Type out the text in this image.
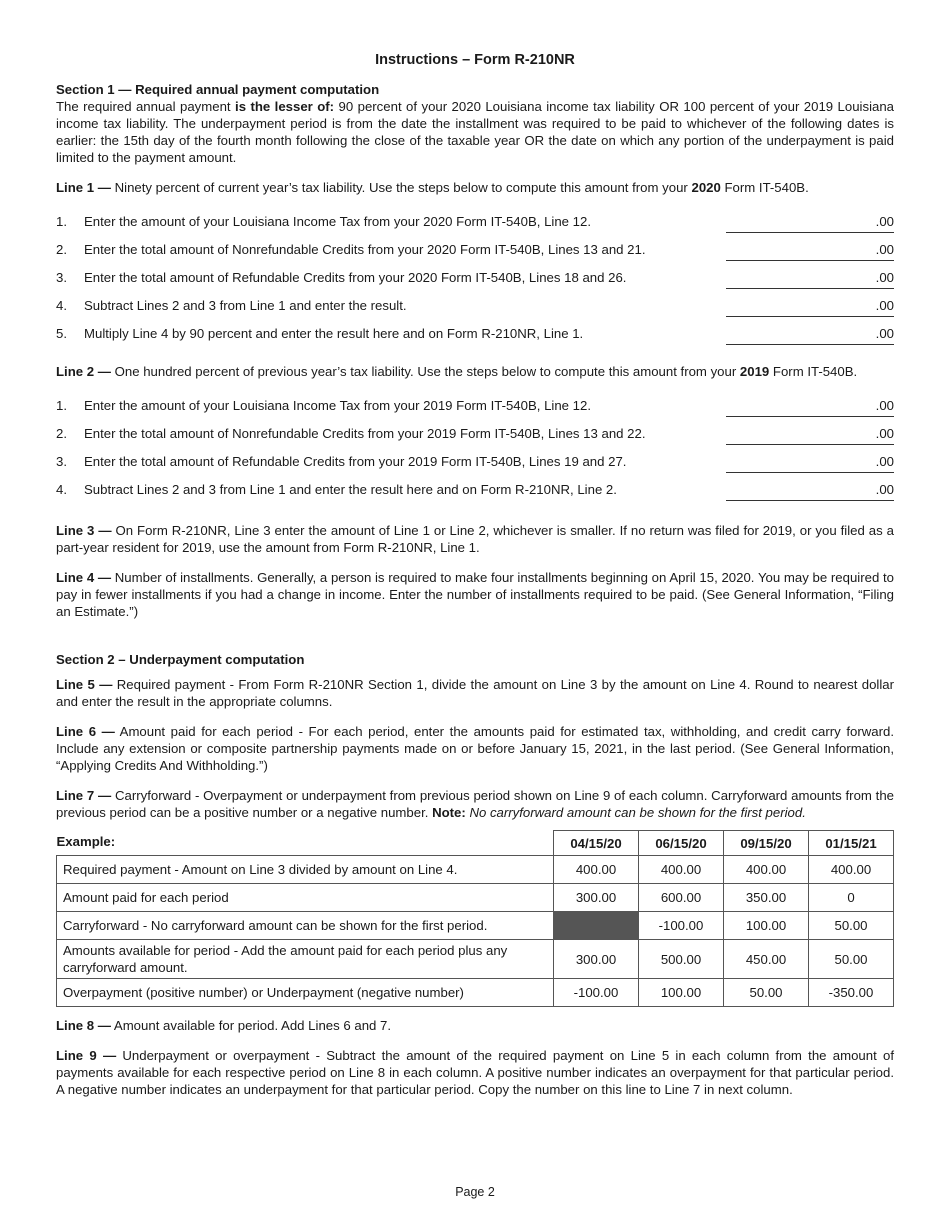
Instructions – Form R-210NR
Section 1 — Required annual payment computation

The required annual payment is the lesser of: 90 percent of your 2020 Louisiana income tax liability OR 100 percent of your 2019 Louisiana income tax liability. The underpayment period is from the date the installment was required to be paid to whichever of the following dates is earlier: the 15th day of the fourth month following the close of the taxable year OR the date on which any portion of the underpayment is paid limited to the payment amount.

Line 1 — Ninety percent of current year’s tax liability. Use the steps below to compute this amount from your 2020 Form IT-540B.

1.	Enter the amount of your Louisiana Income Tax from your 2020 Form IT-540B, Line 12.	.00
2.	Enter the total amount of Nonrefundable Credits from your 2020 Form IT-540B, Lines 13 and 21.	.00
3.	Enter the total amount of Refundable Credits from your 2020 Form IT-540B, Lines 18 and 26.	.00
4.	Subtract Lines 2 and 3 from Line 1 and enter the result.	.00
5.	Multiply Line 4 by 90 percent and enter the result here and on Form R-210NR, Line 1.	.00

Line 2 — One hundred percent of previous year’s tax liability. Use the steps below to compute this amount from your 2019 Form IT-540B.

1.	Enter the amount of your Louisiana Income Tax from your 2019 Form IT-540B, Line 12.	.00
2.	Enter the total amount of Nonrefundable Credits from your 2019 Form IT-540B, Lines 13 and 22.	.00
3.	Enter the total amount of Refundable Credits from your 2019 Form IT-540B, Lines 19 and 27.	.00
4.	Subtract Lines 2 and 3 from Line 1 and enter the result here and on Form R-210NR, Line 2.	.00

Line 3 — On Form R-210NR, Line 3 enter the amount of Line 1 or Line 2, whichever is smaller. If no return was filed for 2019, or you filed as a part-year resident for 2019, use the amount from Form R-210NR, Line 1.

Line 4 — Number of installments. Generally, a person is required to make four installments beginning on April 15, 2020. You may be required to pay in fewer installments if you had a change in income. Enter the number of installments required to be paid. (See General Information, “Filing an Estimate.”)

Section 2 – Underpayment computation

Line 5 — Required payment - From Form R-210NR Section 1, divide the amount on Line 3 by the amount on Line 4. Round to nearest dollar and enter the result in the appropriate columns.

Line 6 — Amount paid for each period - For each period, enter the amounts paid for estimated tax, withholding, and credit carry forward. Include any extension or composite partnership payments made on or before January 15, 2021, in the last period. (See General Information, “Applying Credits And Withholding.”)

Line 7 — Carryforward - Overpayment or underpayment from previous period shown on Line 9 of each column. Carryforward amounts from the previous period can be a positive number or a negative number. Note: No carryforward amount can be shown for the first period.

Example:	04/15/20	06/15/20	09/15/20	01/15/21
Required payment - Amount on Line 3 divided by amount on Line 4.	400.00	400.00	400.00	400.00
Amount paid for each period	300.00	600.00	350.00	0
Carryforward - No carryforward amount can be shown for the first period.		-100.00	100.00	50.00
Amounts available for period - Add the amount paid for each period plus any carryforward amount.	300.00	500.00	450.00	50.00
Overpayment (positive number) or Underpayment (negative number)	-100.00	100.00	50.00	-350.00

Line 8 — Amount available for period. Add Lines 6 and 7.

Line 9 — Underpayment or overpayment - Subtract the amount of the required payment on Line 5 in each column from the amount of payments available for each respective period on Line 8 in each column. A positive number indicates an overpayment for that particular period. A negative number indicates an underpayment for that particular period. Copy the number on this line to Line 7 in next column.

Page 2
